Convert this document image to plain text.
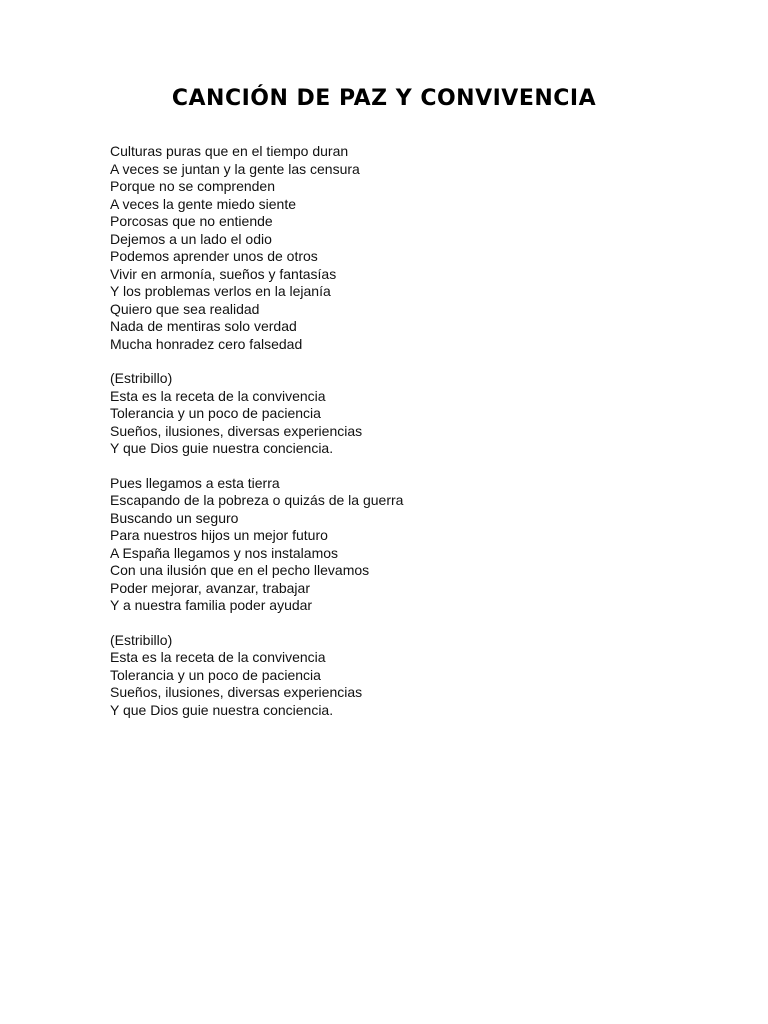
CANCIÓN DE PAZ Y CONVIVENCIA
Culturas puras que en el tiempo duran
A veces se juntan y la gente las censura
Porque no se comprenden
A veces la gente miedo siente
Porcosas que no entiende
Dejemos a un lado el odio
Podemos aprender unos de otros
Vivir en armonía, sueños y fantasías
Y los problemas verlos en la lejanía
Quiero que sea realidad
Nada de mentiras solo verdad
Mucha honradez cero falsedad
(Estribillo)
Esta es la receta de la convivencia
Tolerancia y un poco de paciencia
Sueños, ilusiones, diversas experiencias
Y que Dios guie nuestra conciencia.
Pues llegamos a esta tierra
Escapando de la pobreza o quizás de la guerra
Buscando un seguro
Para nuestros hijos un mejor futuro
A España llegamos y nos instalamos
Con una ilusión que en el pecho llevamos
Poder mejorar, avanzar, trabajar
Y a nuestra familia poder ayudar
(Estribillo)
Esta es la receta de la convivencia
Tolerancia y un poco de paciencia
Sueños, ilusiones, diversas experiencias
Y que Dios guie nuestra conciencia.
